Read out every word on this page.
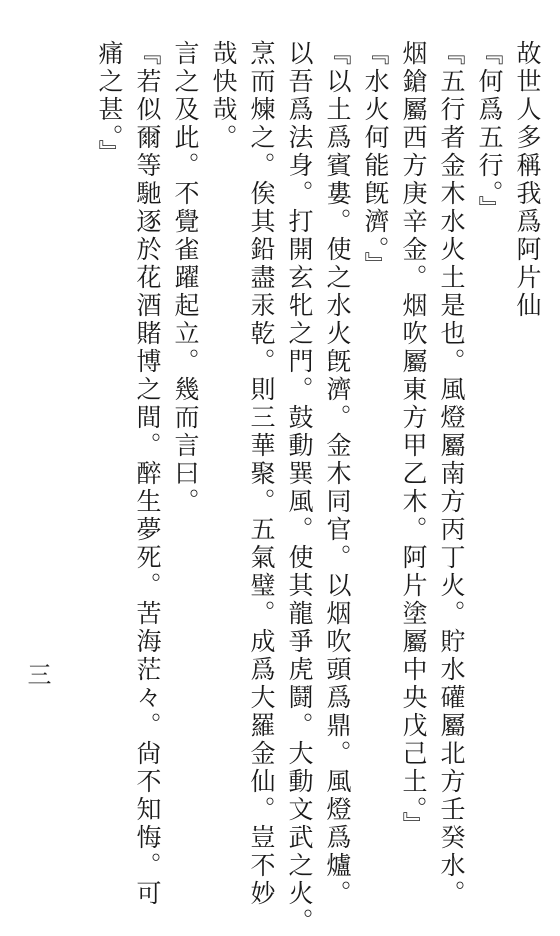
故世人多稱我爲阿片仙
『何爲五行。』
『五行者金木水火土是也。風燈屬南方丙丁火。貯水礶屬北方壬癸水。
烟鎗屬西方庚辛金。烟吹屬東方甲乙木。阿片塗屬中央戊己土。』
『水火何能旣濟。』
『以土爲賓婁。使之水火旣濟。金木同官。以烟吹頭爲鼎。風燈爲爐。
以吾爲法身。打開玄牝之門。鼓動巽風。使其龍爭虎鬪。大動文武之火。
烹而煉之。俟其鉛盡汞乾。則三華聚。五氣璧。成爲大羅金仙。豈不妙
哉快哉。
言之及此。不覺雀躍起立。幾而言曰。
『若似爾等馳逐於花酒賭博之間。醉生夢死。苦海茫々。尙不知悔。可
痛之甚。』
三
